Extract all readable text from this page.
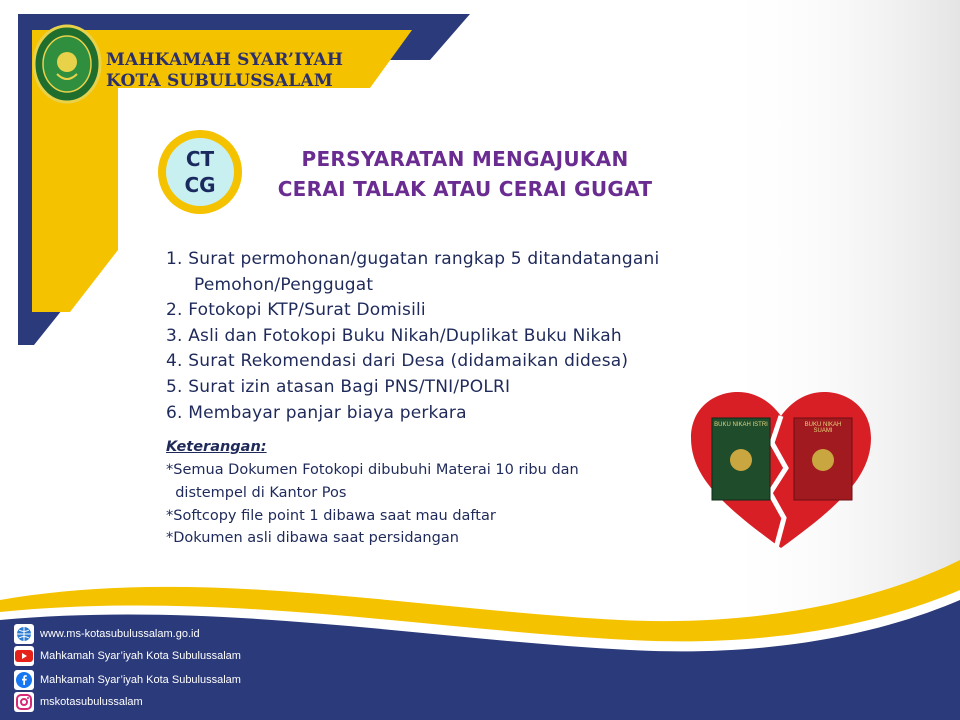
MAHKAMAH SYAR’IYAH
KOTA SUBULUSSALAM
CT
CG
PERSYARATAN MENGAJUKAN
CERAI TALAK ATAU CERAI GUGAT
1. Surat permohonan/gugatan rangkap 5 ditandatangani
Pemohon/Penggugat
2. Fotokopi KTP/Surat Domisili
3. Asli dan Fotokopi Buku Nikah/Duplikat Buku Nikah
4. Surat Rekomendasi dari Desa (didamaikan didesa)
5. Surat izin atasan Bagi PNS/TNI/POLRI
6. Membayar panjar biaya perkara
Keterangan:
*Semua Dokumen Fotokopi dibubuhi Materai 10 ribu dan
distempel di Kantor Pos
*Softcopy file point 1 dibawa saat mau daftar
*Dokumen asli dibawa saat persidangan
BUKU NIKAH ISTRI	BUKU NIKAH SUAMI
www.ms-kotasubulussalam.go.id
Mahkamah Syar’iyah Kota Subulussalam
Mahkamah Syar’iyah Kota Subulussalam
mskotasubulussalam
